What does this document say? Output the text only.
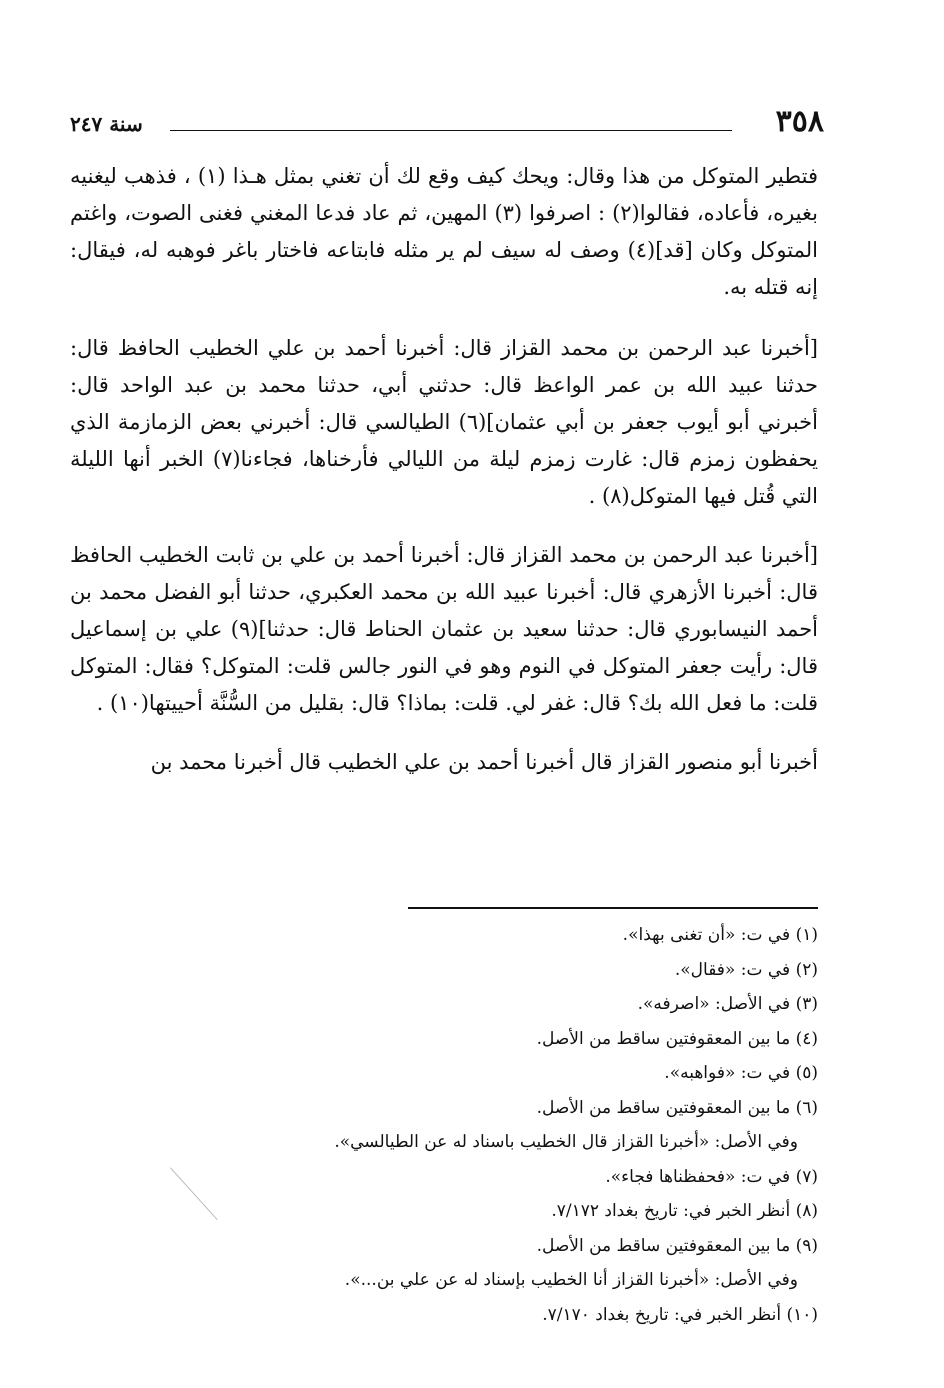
٣٥٨
سنة ٢٤٧

فتطير المتوكل من هذا وقال: ويحك كيف وقع لك أن تغني بمثل هـذا (١) ، فذهب ليغنيه بغيره، فأعاده، فقالوا(٢) : اصرفوا (٣) المهين، ثم عاد فدعا المغني فغنى الصوت، واغتم المتوكل وكان [قد](٤) وصف له سيف لم ير مثله فابتاعه فاختار باغر فوهبه له، فيقال: إنه قتله به.

[أخبرنا عبد الرحمن بن محمد القزاز قال: أخبرنا أحمد بن علي الخطيب الحافظ قال: حدثنا عبيد الله بن عمر الواعظ قال: حدثني أبي، حدثنا محمد بن عبد الواحد قال: أخبرني أبو أيوب جعفر بن أبي عثمان](٦) الطيالسي قال: أخبرني بعض الزمازمة الذي يحفظون زمزم قال: غارت زمزم ليلة من الليالي فأرخناها، فجاءنا(٧) الخبر أنها الليلة التي قُتل فيها المتوكل(٨) .

[أخبرنا عبد الرحمن بن محمد القزاز قال: أخبرنا أحمد بن علي بن ثابت الخطيب الحافظ قال: أخبرنا الأزهري قال: أخبرنا عبيد الله بن محمد العكبري، حدثنا أبو الفضل محمد بن أحمد النيسابوري قال: حدثنا سعيد بن عثمان الحناط قال: حدثنا](٩) علي بن إسماعيل قال: رأيت جعفر المتوكل في النوم وهو في النور جالس قلت: المتوكل؟ فقال: المتوكل قلت: ما فعل الله بك؟ قال: غفر لي. قلت: بماذا؟ قال: بقليل من السُّنَّة أحييتها(١٠) .

أخبرنا أبو منصور القزاز قال أخبرنا أحمد بن علي الخطيب قال أخبرنا محمد بن

(١) في ت: «أن تغنى بهذا».

(٢) في ت: «فقال».

(٣) في الأصل: «اصرفه».

(٤) ما بين المعقوفتين ساقط من الأصل.

(٥) في ت: «فواهبه».

(٦) ما بين المعقوفتين ساقط من الأصل.

وفي الأصل: «أخبرنا القزاز قال الخطيب باسناد له عن الطيالسي».

(٧) في ت: «فحفظناها فجاء».

(٨) أنظر الخبر في: تاريخ بغداد ٧/١٧٢.

(٩) ما بين المعقوفتين ساقط من الأصل.

وفي الأصل: «أخبرنا القزاز أنا الخطيب بإسناد له عن علي بن...».

(١٠) أنظر الخبر في: تاريخ بغداد ٧/١٧٠.
